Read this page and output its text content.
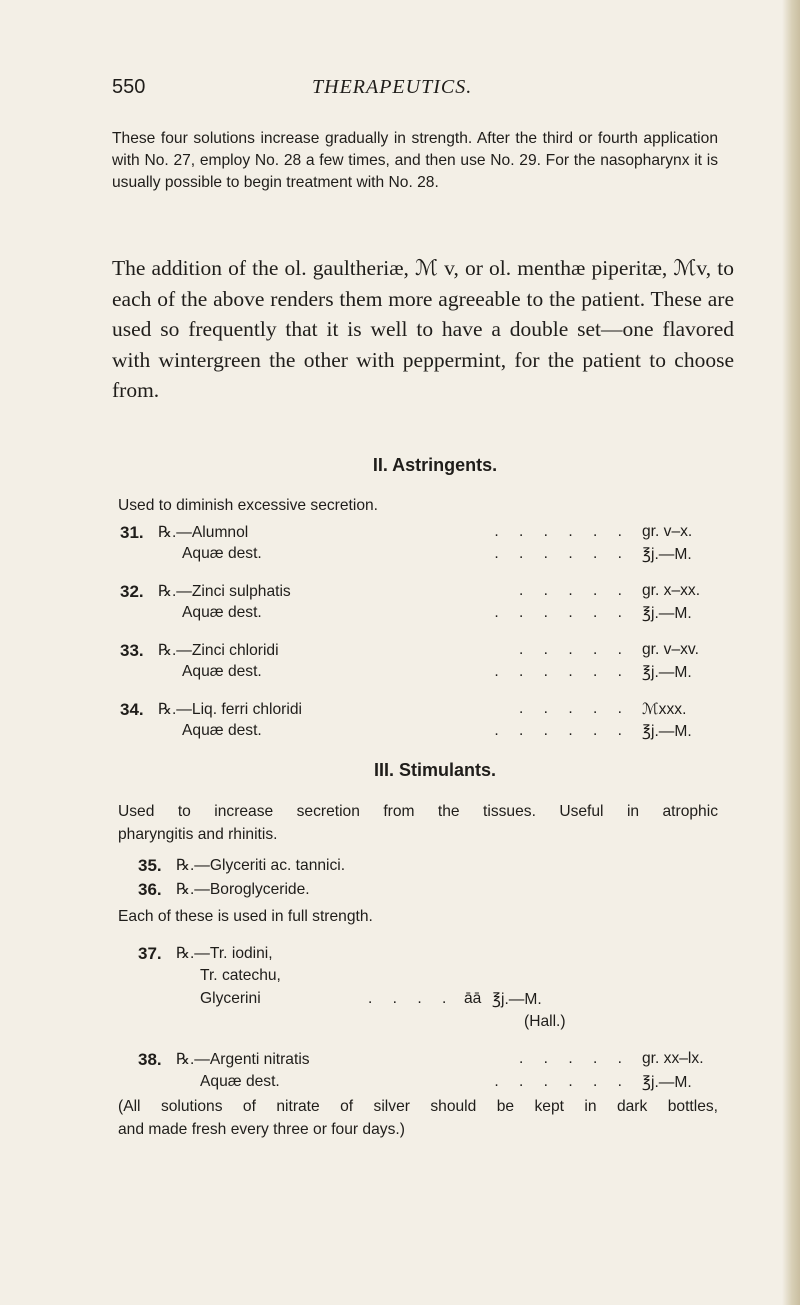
550	THERAPEUTICS.

These four solutions increase gradually in strength. After the third or fourth application with No. 27, employ No. 28 a few times, and then use No. 29. For the nasopharynx it is usually possible to begin treatment with No. 28.

The addition of the ol. gaultheriæ, ℳ v, or ol. menthæ piperitæ, ℳv, to each of the above renders them more agreeable to the patient. These are used so frequently that it is well to have a double set—one flavored with wintergreen the other with peppermint, for the patient to choose from.

II. Astringents.
Used to diminish excessive secretion.
31. ℞.—Alumnol	. . . . . . gr. v–x.
Aquæ dest.	. . . . . . ℥j.—M.
32. ℞.—Zinci sulphatis	. . . . . gr. x–xx.
Aquæ dest.	. . . . . . ℥j.—M.
33. ℞.—Zinci chloridi	. . . . . gr. v–xv.
Aquæ dest.	. . . . . . ℥j.—M.
34. ℞.—Liq. ferri chloridi	. . . . . ℳxxx.
Aquæ dest.	. . . . . . ℥j.—M.
III. Stimulants.
Used to increase secretion from the tissues. Useful in atrophic
pharyngitis and rhinitis.
35. ℞.—Glyceriti ac. tannici.
36. ℞.—Boroglyceride.
Each of these is used in full strength.
37. ℞.—Tr. iodini,
Tr. catechu,
Glycerini	. . . . āā ℥j.—M.
(Hall.)
38. ℞.—Argenti nitratis	. . . . . gr. xx–lx.
Aquæ dest.	. . . . . . ℥j.—M.
(All solutions of nitrate of silver should be kept in dark bottles,
and made fresh every three or four days.)
